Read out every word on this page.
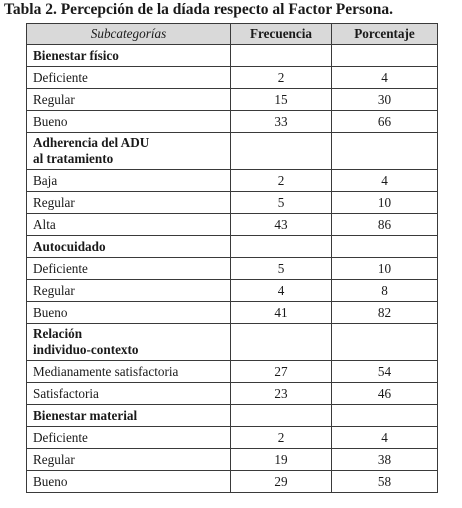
Tabla 2. Percepción de la díada respecto al Factor Persona.
Subcategorías	Frecuencia	Porcentaje
Bienestar físico		
Deficiente	2	4
Regular	15	30
Bueno	33	66
Adherencia del ADU
al tratamiento		
Baja	2	4
Regular	5	10
Alta	43	86
Autocuidado		
Deficiente	5	10
Regular	4	8
Bueno	41	82
Relación
individuo-contexto		
Medianamente satisfactoria	27	54
Satisfactoria	23	46
Bienestar material		
Deficiente	2	4
Regular	19	38
Bueno	29	58
